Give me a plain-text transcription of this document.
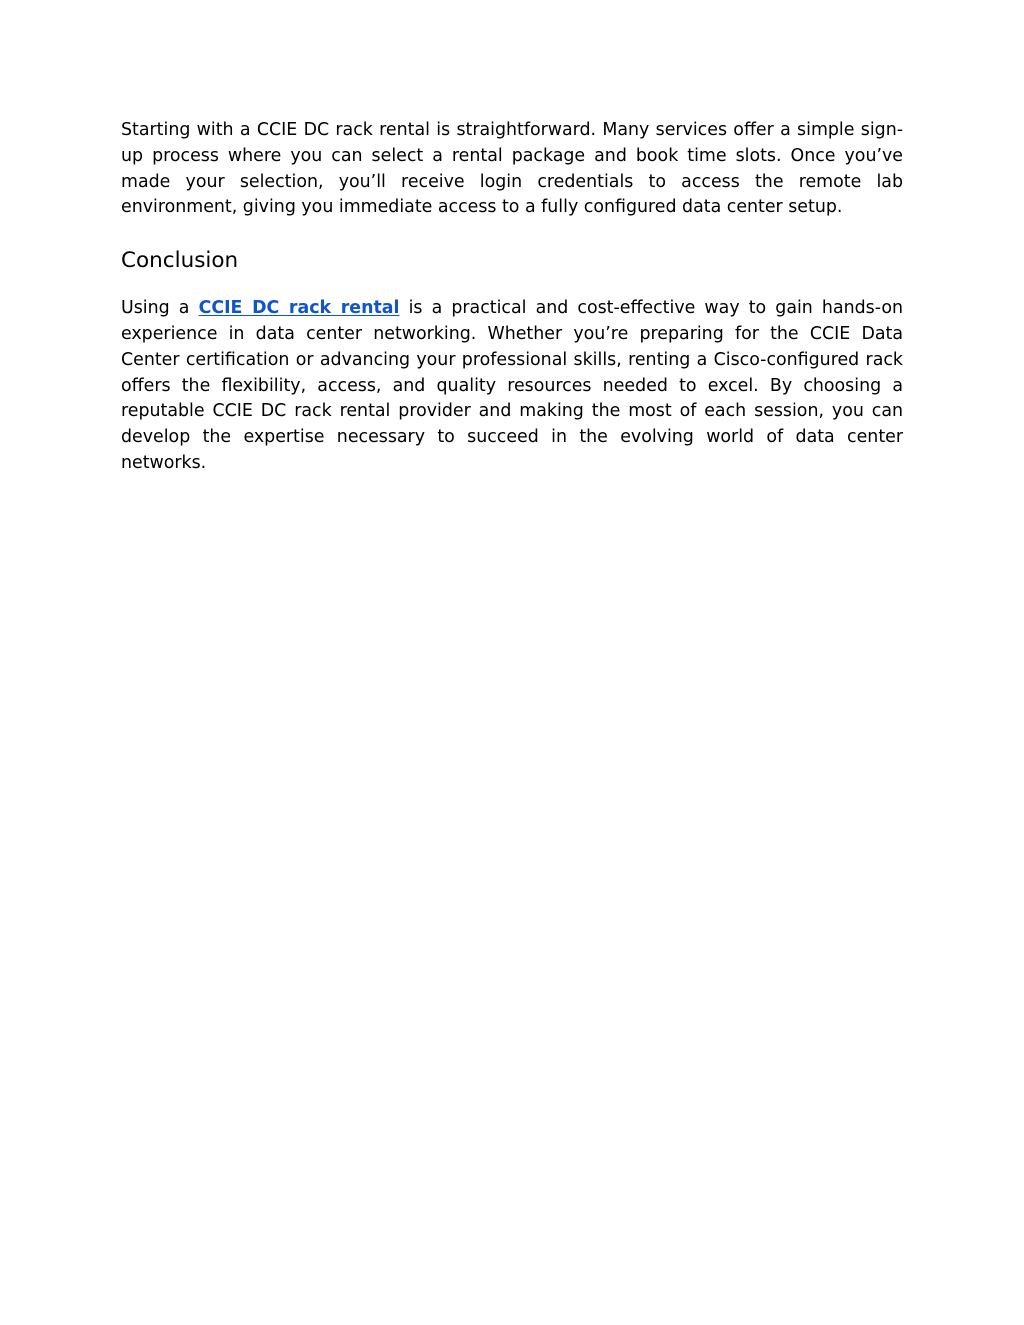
Starting with a CCIE DC rack rental is straightforward. Many services offer a simple sign-up process where you can select a rental package and book time slots. Once you’ve made your selection, you’ll receive login credentials to access the remote lab environment, giving you immediate access to a fully configured data center setup.

Conclusion

Using a CCIE DC rack rental is a practical and cost-effective way to gain hands-on experience in data center networking. Whether you’re preparing for the CCIE Data Center certification or advancing your professional skills, renting a Cisco-configured rack offers the flexibility, access, and quality resources needed to excel. By choosing a reputable CCIE DC rack rental provider and making the most of each session, you can develop the expertise necessary to succeed in the evolving world of data center networks.
